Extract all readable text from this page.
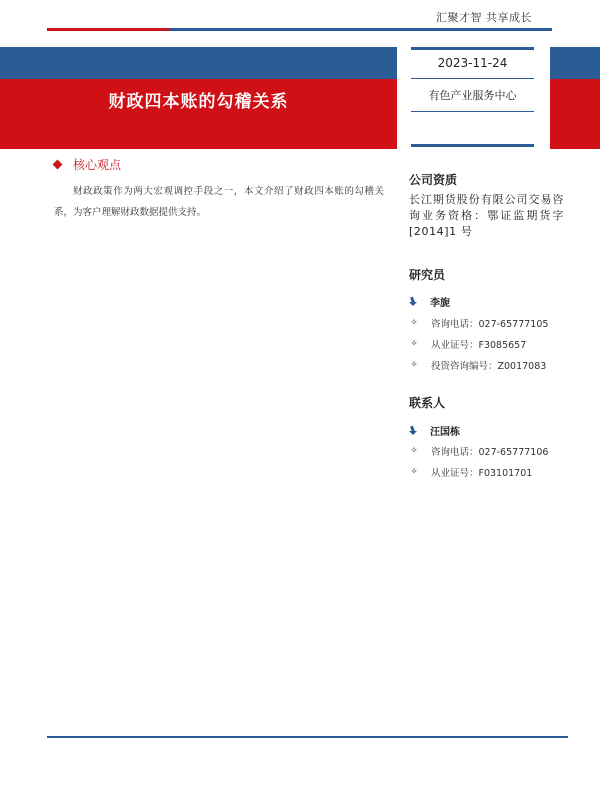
汇聚才智 共享成长
财政四本账的勾稽关系
2023-11-24
有色产业服务中心
核心观点
财政政策作为两大宏观调控手段之一，本文介绍了财政四本账的勾稽关系，为客户理解财政数据提供支持。
公司资质
长江期货股份有限公司交易咨询业务资格：鄂证监期货字[2014]1 号
研究员
李旎
✧ 咨询电话：027-65777105
✧ 从业证号：F3085657
✧ 投资咨询编号：Z0017083
联系人
汪国栋
✧ 咨询电话：027-65777106
✧ 从业证号：F03101701
